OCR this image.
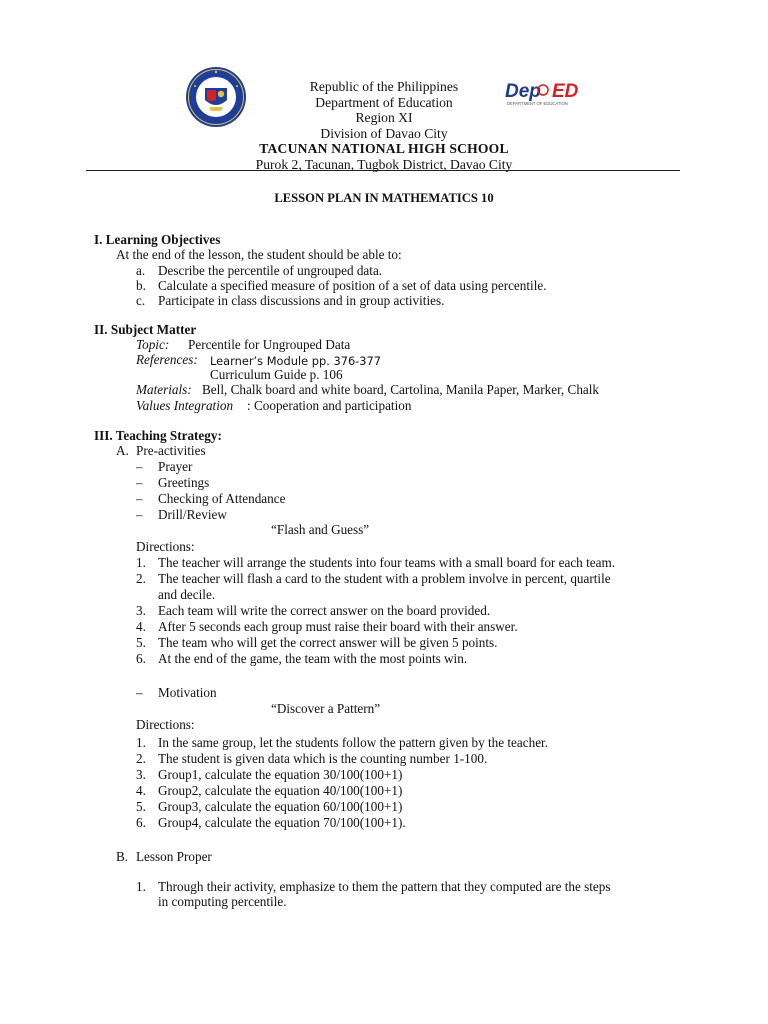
Dep ED
DEPARTMENT OF EDUCATION
Republic of the Philippines
Department of Education
Region XI
Division of Davao City
TACUNAN NATIONAL HIGH SCHOOL
Purok 2, Tacunan, Tugbok District, Davao City
LESSON PLAN IN MATHEMATICS 10
I. Learning Objectives
At the end of the lesson, the student should be able to:
a. Describe the percentile of ungrouped data.
b. Calculate a specified measure of position of a set of data using percentile.
c. Participate in class discussions and in group activities.
II. Subject Matter
Topic: Percentile for Ungrouped Data
References: Learner’s Module pp. 376-377
Curriculum Guide p. 106
Materials: Bell, Chalk board and white board, Cartolina, Manila Paper, Marker, Chalk
Values Integration : Cooperation and participation
III. Teaching Strategy:
A. Pre-activities
– Prayer
– Greetings
– Checking of Attendance
– Drill/Review
“Flash and Guess”
Directions:
1. The teacher will arrange the students into four teams with a small board for each team.
2. The teacher will flash a card to the student with a problem involve in percent, quartile
and decile.
3. Each team will write the correct answer on the board provided.
4. After 5 seconds each group must raise their board with their answer.
5. The team who will get the correct answer will be given 5 points.
6. At the end of the game, the team with the most points win.
– Motivation
“Discover a Pattern”
Directions:
1. In the same group, let the students follow the pattern given by the teacher.
2. The student is given data which is the counting number 1-100.
3. Group1, calculate the equation 30/100(100+1)
4. Group2, calculate the equation 40/100(100+1)
5. Group3, calculate the equation 60/100(100+1)
6. Group4, calculate the equation 70/100(100+1).
B. Lesson Proper
1. Through their activity, emphasize to them the pattern that they computed are the steps
in computing percentile.
